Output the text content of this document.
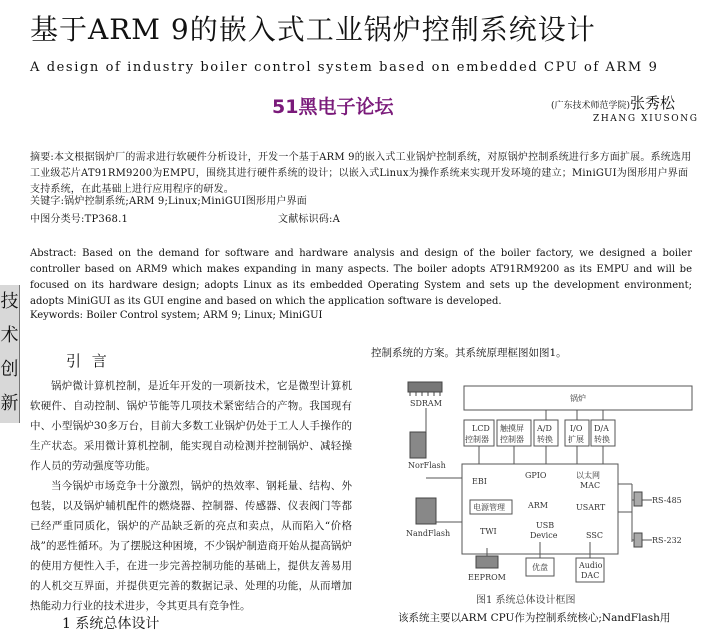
基于ARM 9的嵌入式工业锅炉控制系统设计
A design of industry boiler control system based on embedded CPU of ARM 9
51黑电子论坛	(广东技术师范学院)张秀松
ZHANG XIUSONG
摘要:本文根据锅炉厂的需求进行软硬件分析设计，开发一个基于ARM 9的嵌入式工业锅炉控制系统，对原锅炉控制系统进行多方面扩展。系统选用工业级芯片AT91RM9200为EMPU，围绕其进行硬件系统的设计；以嵌入式Linux为操作系统来实现开发环境的建立；MiniGUI为图形用户界面支持系统，在此基础上进行应用程序的研发。
关键字:锅炉控制系统;ARM 9;Linux;MiniGUI图形用户界面
中图分类号:TP368.1	文献标识码:A
Abstract: Based on the demand for software and hardware analysis and design of the boiler factory, we designed a boiler controller based on ARM9 which makes expanding in many aspects. The boiler adopts AT91RM9200 as its EMPU and will be focused on its hardware design; adopts Linux as its embedded Operating System and sets up the development environment; adopts MiniGUI as its GUI engine and based on which the application software is developed.
Keywords: Boiler Control system; ARM 9; Linux; MiniGUI
技
术
创
新
引 言

锅炉微计算机控制，是近年开发的一项新技术，它是微型计算机软硬件、自动控制、锅炉节能等几项技术紧密结合的产物。我国现有中、小型锅炉30多万台，目前大多数工业锅炉仍处于工人人手操作的生产状态。采用微计算机控制，能实现自动检测并控制锅炉、减轻操作人员的劳动强度等功能。

当今锅炉市场竞争十分激烈，锅炉的热效率、钢耗量、结构、外包装，以及锅炉辅机配件的燃烧器、控制器、传感器、仪表阀门等都已经严重同质化，锅炉的产品缺乏新的亮点和卖点，从而陷入“价格战”的恶性循环。为了摆脱这种困境，不少锅炉制造商开始从提高锅炉的使用方便性入手，在进一步完善控制功能的基础上，提供友善易用的人机交互界面，并提供更完善的数据记录、处理的功能，从而增加热能动力行业的技术进步，令其更具有竞争性。

1 系统总体设计
控制系统的方案。其系统原理框图如图1。
SDRAM
锅炉
LCD
控制器
触摸屏
控制器
A/D
转换
I/O
扩展
D/A
转换
NorFlash
EBI
GPIO	以太网
MAC
ARM
电源管理	USART
TWI
USB
Device	SSC
RS-485
RS-232
NandFlash
EEPROM
优盘	Audio
DAC
图1 系统总体设计框图
该系统主要以ARM CPU作为控制系统核心;NandFlash用
